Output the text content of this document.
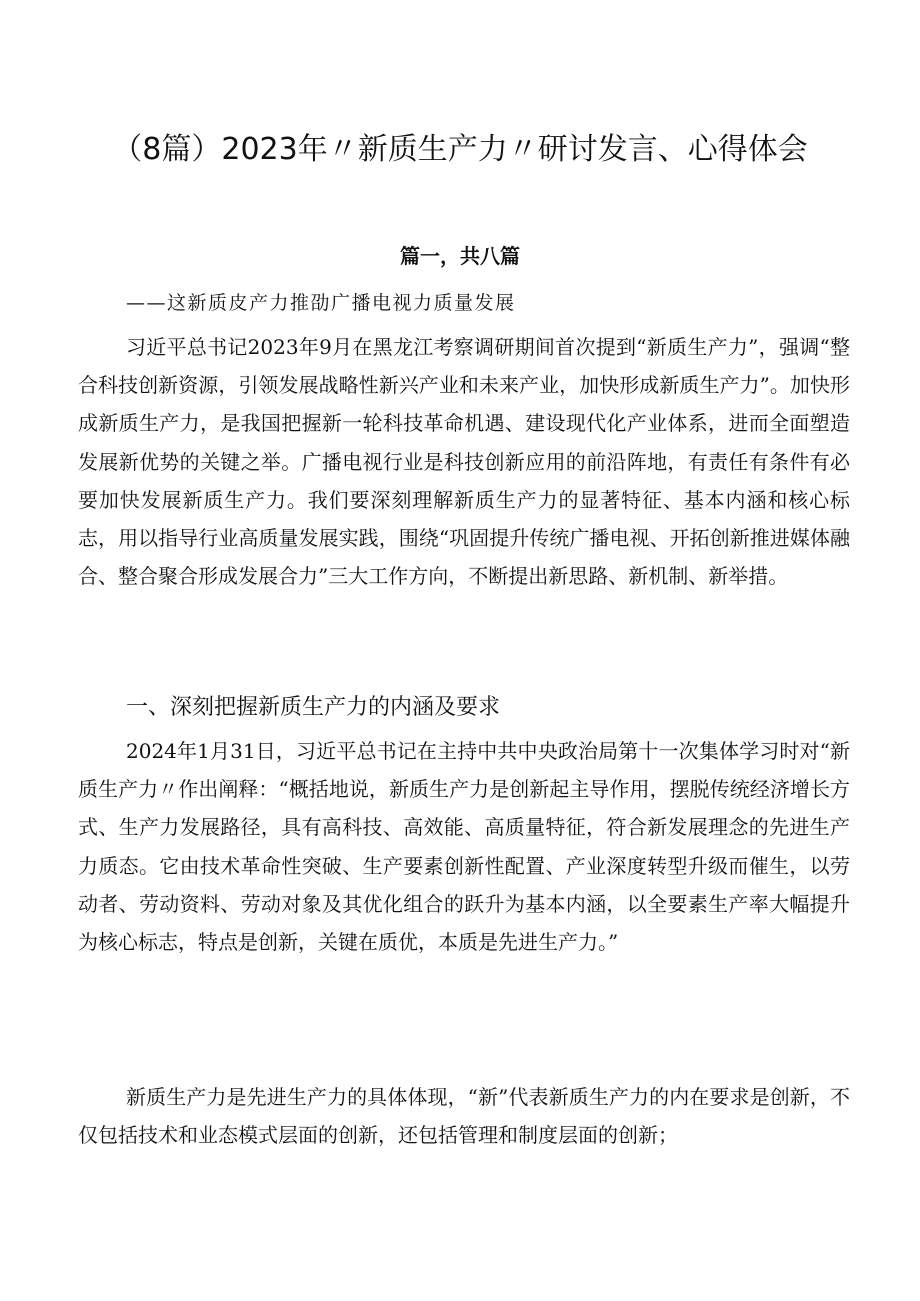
（8篇）2023年〃新质生产力〃研讨发言、心得体会
篇一，共八篇

——这新质皮产力推劭广播电视力质量发展

习近平总书记2023年9月在黑龙江考察调研期间首次提到“新质生产力”，强调“整合科技创新资源，引领发展战略性新兴产业和未来产业，加快形成新质生产力”。加快形成新质生产力，是我国把握新一轮科技革命机遇、建设现代化产业体系，进而全面塑造发展新优势的关键之举。广播电视行业是科技创新应用的前沿阵地，有责任有条件有必要加快发展新质生产力。我们要深刻理解新质生产力的显著特征、基本内涵和核心标志，用以指导行业高质量发展实践，围绕“巩固提升传统广播电视、开拓创新推进媒体融合、整合聚合形成发展合力”三大工作方向，不断提出新思路、新机制、新举措。

一、深刻把握新质生产力的内涵及要求

2024年1月31日，习近平总书记在主持中共中央政治局第十一次集体学习时对“新质生产力〃作出阐释：“概括地说，新质生产力是创新起主导作用，摆脱传统经济增长方式、生产力发展路径，具有高科技、高效能、高质量特征，符合新发展理念的先进生产力质态。它由技术革命性突破、生产要素创新性配置、产业深度转型升级而催生，以劳动者、劳动资料、劳动对象及其优化组合的跃升为基本内涵，以全要素生产率大幅提升为核心标志，特点是创新，关键在质优，本质是先进生产力。”

新质生产力是先进生产力的具体体现，“新”代表新质生产力的内在要求是创新，不仅包括技术和业态模式层面的创新，还包括管理和制度层面的创新；
